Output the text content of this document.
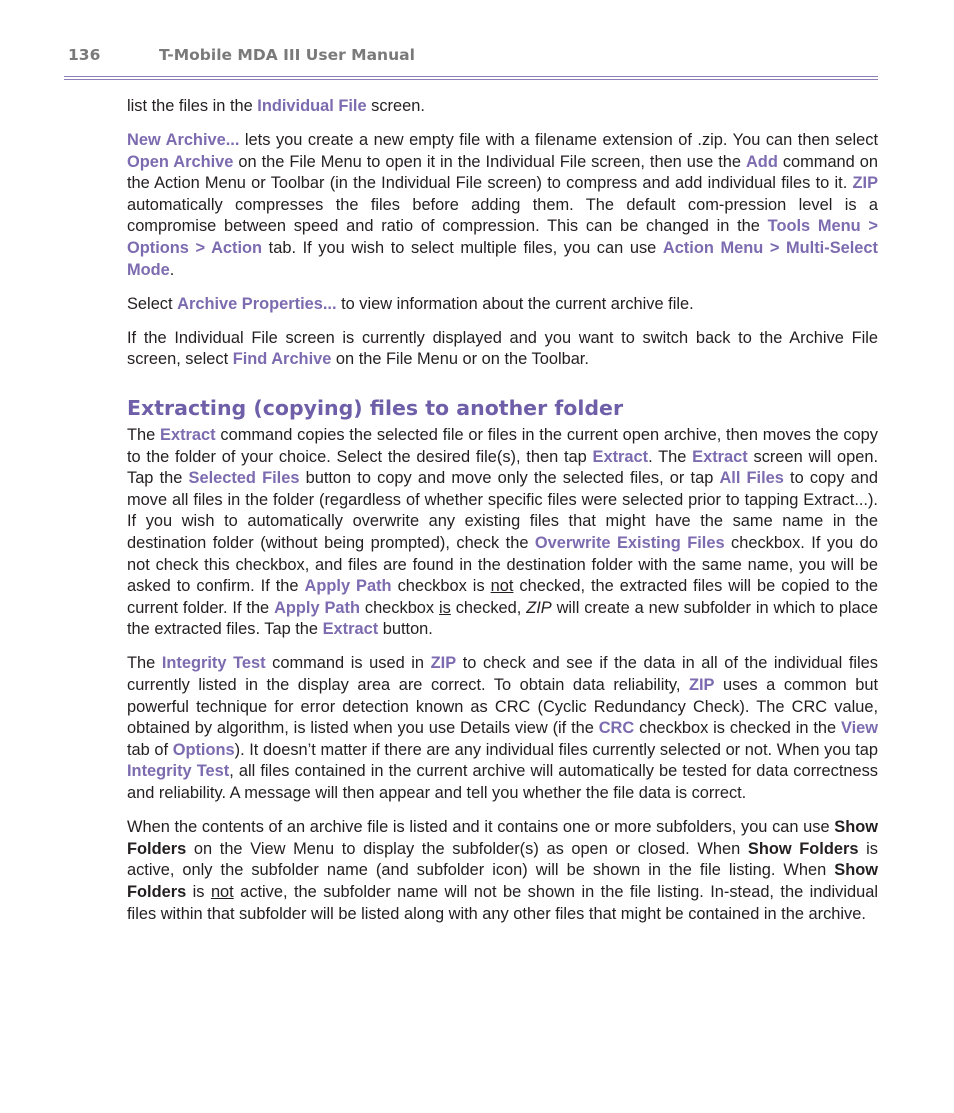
136	T-Mobile MDA III User Manual

list the files in the Individual File screen.

New Archive... lets you create a new empty file with a filename extension of .zip. You can then select Open Archive on the File Menu to open it in the Individual File screen, then use the Add command on the Action Menu or Toolbar (in the Individual File screen) to compress and add individual files to it. ZIP automatically compresses the files before adding them. The default com-pression level is a compromise between speed and ratio of compression. This can be changed in the Tools Menu > Options > Action tab. If you wish to select multiple files, you can use Action Menu > Multi-Select Mode.

Select Archive Properties... to view information about the current archive file.

If the Individual File screen is currently displayed and you want to switch back to the Archive File screen, select Find Archive on the File Menu or on the Toolbar.

Extracting (copying) files to another folder

The Extract command copies the selected file or files in the current open archive, then moves the copy to the folder of your choice. Select the desired file(s), then tap Extract. The Extract screen will open. Tap the Selected Files button to copy and move only the selected files, or tap All Files to copy and move all files in the folder (regardless of whether specific files were selected prior to tapping Extract...). If you wish to automatically overwrite any existing files that might have the same name in the destination folder (without being prompted), check the Overwrite Existing Files checkbox. If you do not check this checkbox, and files are found in the destination folder with the same name, you will be asked to confirm. If the Apply Path checkbox is not checked, the extracted files will be copied to the current folder. If the Apply Path checkbox is checked, ZIP will create a new subfolder in which to place the extracted files. Tap the Extract button.

The Integrity Test command is used in ZIP to check and see if the data in all of the individual files currently listed in the display area are correct. To obtain data reliability, ZIP uses a common but powerful technique for error detection known as CRC (Cyclic Redundancy Check). The CRC value, obtained by algorithm, is listed when you use Details view (if the CRC checkbox is checked in the View tab of Options). It doesn’t matter if there are any individual files currently selected or not. When you tap Integrity Test, all files contained in the current archive will automatically be tested for data correctness and reliability. A message will then appear and tell you whether the file data is correct.

When the contents of an archive file is listed and it contains one or more subfolders, you can use Show Folders on the View Menu to display the subfolder(s) as open or closed. When Show Folders is active, only the subfolder name (and subfolder icon) will be shown in the file listing. When Show Folders is not active, the subfolder name will not be shown in the file listing. In-stead, the individual files within that subfolder will be listed along with any other files that might be contained in the archive.
